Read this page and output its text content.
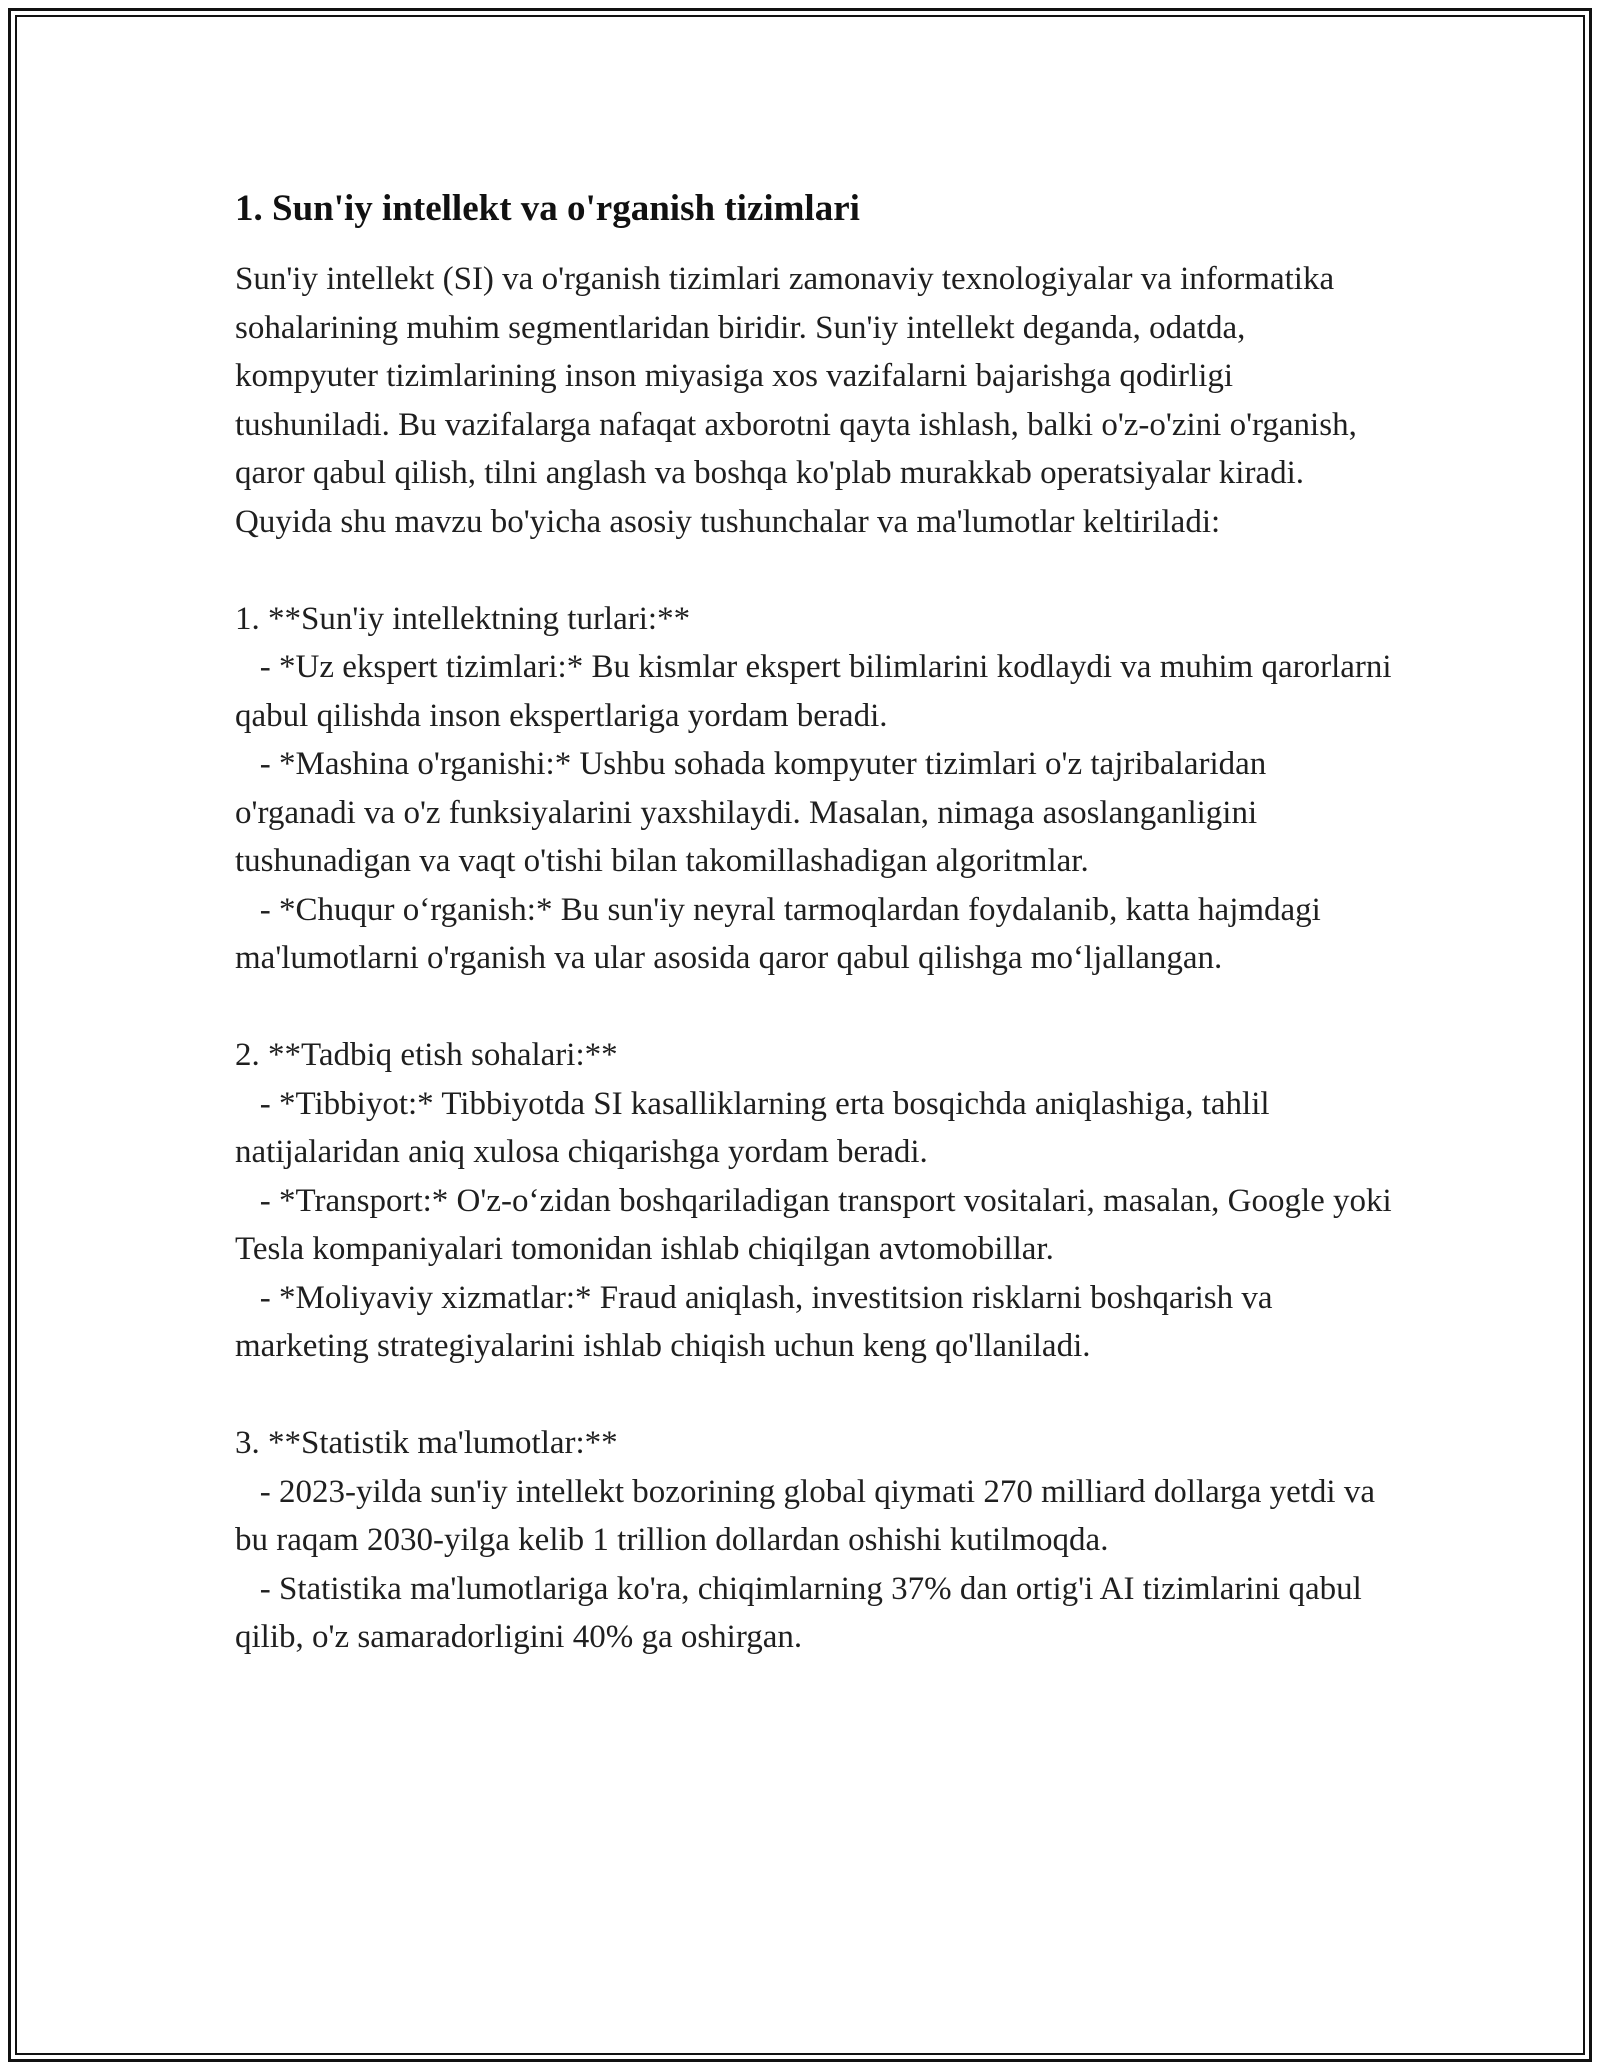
1. Sun'iy intellekt va o'rganish tizimlari

Sun'iy intellekt (SI) va o'rganish tizimlari zamonaviy texnologiyalar va informatika sohalarining muhim segmentlaridan biridir. Sun'iy intellekt deganda, odatda, kompyuter tizimlarining inson miyasiga xos vazifalarni bajarishga qodirligi tushuniladi. Bu vazifalarga nafaqat axborotni qayta ishlash, balki o'z-o'zini o'rganish, qaror qabul qilish, tilni anglash va boshqa ko'plab murakkab operatsiyalar kiradi. Quyida shu mavzu bo'yicha asosiy tushunchalar va ma'lumotlar keltiriladi:

1. **Sun'iy intellektning turlari:**

- *Uz ekspert tizimlari:* Bu kismlar ekspert bilimlarini kodlaydi va muhim qarorlarni qabul qilishda inson ekspertlariga yordam beradi.

- *Mashina o'rganishi:* Ushbu sohada kompyuter tizimlari o'z tajribalaridan o'rganadi va o'z funksiyalarini yaxshilaydi. Masalan, nimaga asoslanganligini tushunadigan va vaqt o'tishi bilan takomillashadigan algoritmlar.

- *Chuqur o‘rganish:* Bu sun'iy neyral tarmoqlardan foydalanib, katta hajmdagi ma'lumotlarni o'rganish va ular asosida qaror qabul qilishga mo‘ljallangan.

2. **Tadbiq etish sohalari:**

- *Tibbiyot:* Tibbiyotda SI kasalliklarning erta bosqichda aniqlashiga, tahlil natijalaridan aniq xulosa chiqarishga yordam beradi.

- *Transport:* O'z-o‘zidan boshqariladigan transport vositalari, masalan, Google yoki Tesla kompaniyalari tomonidan ishlab chiqilgan avtomobillar.

- *Moliyaviy xizmatlar:* Fraud aniqlash, investitsion risklarni boshqarish va marketing strategiyalarini ishlab chiqish uchun keng qo'llaniladi.

3. **Statistik ma'lumotlar:**

- 2023-yilda sun'iy intellekt bozorining global qiymati 270 milliard dollarga yetdi va bu raqam 2030-yilga kelib 1 trillion dollardan oshishi kutilmoqda.

- Statistika ma'lumotlariga ko'ra, chiqimlarning 37% dan ortig'i AI tizimlarini qabul qilib, o'z samaradorligini 40% ga oshirgan.
